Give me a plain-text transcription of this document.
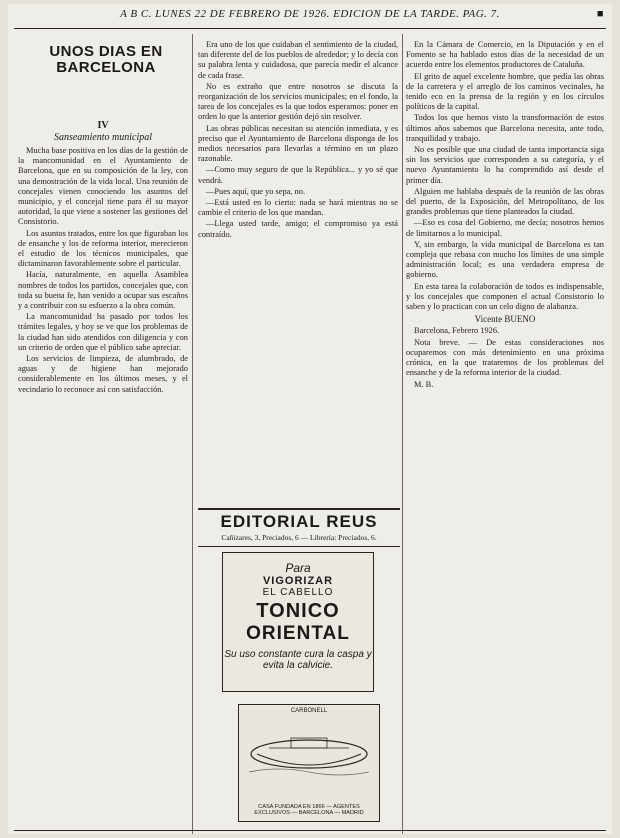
A B C. LUNES 22 DE FEBRERO DE 1926. EDICION DE LA TARDE. PAG. 7.	■
UNOS DIAS EN BARCELONA
IV
Sanseamiento municipal

Mucha base positiva en los días de la gestión de la mancomunidad en el Ayuntamiento de Barcelona, que en su composición de la ley, con una demostración de la vida local. Una reunión de concejales vienen conociendo los asuntos del municipio, y el concejal tiene para él su mayor autoridad, la que viene a sostener las gestiones del Consistorio.

Los asuntos tratados, entre los que figuraban los de ensanche y los de reforma interior, merecieron el estudio de los técnicos municipales, que dictaminaron favorablemente sobre el particular.

Hacía, naturalmente, en aquella Asamblea nombres de todos los partidos, concejales que, con toda su buena fe, han venido a ocupar sus escaños y a contribuir con su esfuerzo a la obra común.

La mancomunidad ha pasado por todos los trámites legales, y hoy se ve que los problemas de la ciudad han sido atendidos con diligencia y con un criterio de orden que el público sabe apreciar.

Los servicios de limpieza, de alumbrado, de aguas y de higiene han mejorado considerablemente en los últimos meses, y el vecindario lo reconoce así con satisfacción.

Era uno de los que cuidaban el sentimiento de la ciudad, tan diferente del de los pueblos de alrededor; y lo decía con su palabra lenta y cuidadosa, que parecía medir el alcance de cada frase.

No es extraño que entre nosotros se discuta la reorganización de los servicios municipales; en el fondo, la tarea de los concejales es la que todos esperamos: poner en orden lo que la anterior gestión dejó sin resolver.

Las obras públicas necesitan su atención inmediata, y es preciso que el Ayuntamiento de Barcelona disponga de los medios necesarios para llevarlas a término en un plazo razonable.

—Como muy seguro de que la República... y yo sé que vendrá.

—Pues aquí, que yo sepa, no.

—Está usted en lo cierto: nada se hará mientras no se cambie el criterio de los que mandan.

—Llega usted tarde, amigo; el compromiso ya está contraído.

EDITORIAL REUS
Cañizares, 3, Preciados, 6 — Librería: Preciados, 6.
Para
VIGORIZAR
EL CABELLO
TONICO
ORIENTAL
Su uso constante cura la caspa y evita la calvicie.
CARBONELL
CASA FUNDADA EN 1866 — AGENTES EXCLUSIVOS — BARCELONA — MADRID

En la Cámara de Comercio, en la Diputación y en el Fomento se ha hablado estos días de la necesidad de un acuerdo entre los elementos productores de Cataluña.

El grito de aquel excelente hombre, que pedía las obras de la carretera y el arreglo de los caminos vecinales, ha tenido eco en la prensa de la región y en los círculos políticos de la capital.

Todos los que hemos visto la transformación de estos últimos años sabemos que Barcelona necesita, ante todo, tranquilidad y trabajo.

No es posible que una ciudad de tanta importancia siga sin los servicios que corresponden a su categoría, y el nuevo Ayuntamiento lo ha comprendido así desde el primer día.

Alguien me hablaba después de la reunión de las obras del puerto, de la Exposición, del Metropolitano, de los grandes problemas que tiene planteados la ciudad.

—Eso es cosa del Gobierno, me decía; nosotros hemos de limitarnos a lo municipal.

Y, sin embargo, la vida municipal de Barcelona es tan compleja que rebasa con mucho los límites de una simple administración local; es una verdadera empresa de gobierno.

En esta tarea la colaboración de todos es indispensable, y los concejales que componen el actual Consistorio lo saben y lo practican con un celo digno de alabanza.

Vicente BUENO

Barcelona, Febrero 1926.

Nota breve. — De estas consideraciones nos ocuparemos con más detenimiento en una próxima crónica, en la que trataremos de los problemas del ensanche y de la reforma interior de la ciudad.

M. B.
